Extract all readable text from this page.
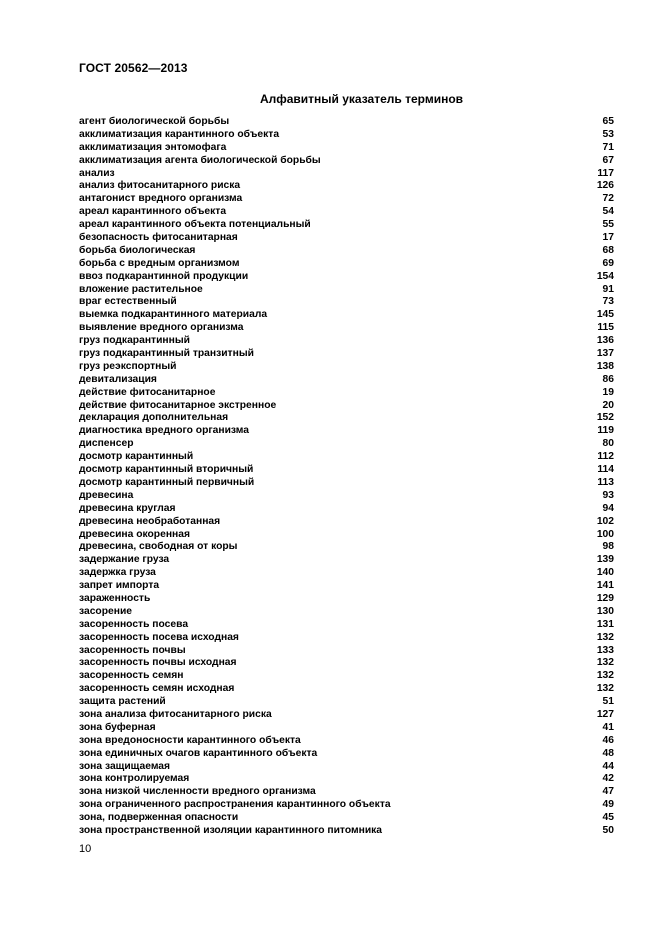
ГОСТ 20562—2013
Алфавитный указатель терминов
агент биологической борьбы	65
акклиматизация карантинного объекта	53
акклиматизация энтомофага	71
акклиматизация агента биологической борьбы	67
анализ	117
анализ фитосанитарного риска	126
антагонист вредного организма	72
ареал карантинного объекта	54
ареал карантинного объекта потенциальный	55
безопасность фитосанитарная	17
борьба биологическая	68
борьба с вредным организмом	69
ввоз подкарантинной продукции	154
вложение растительное	91
враг естественный	73
выемка подкарантинного материала	145
выявление вредного организма	115
груз подкарантинный	136
груз подкарантинный транзитный	137
груз реэкспортный	138
девитализация	86
действие фитосанитарное	19
действие фитосанитарное экстренное	20
декларация дополнительная	152
диагностика вредного организма	119
диспенсер	80
досмотр карантинный	112
досмотр карантинный вторичный	114
досмотр карантинный первичный	113
древесина	93
древесина круглая	94
древесина необработанная	102
древесина окоренная	100
древесина, свободная от коры	98
задержание груза	139
задержка груза	140
запрет импорта	141
зараженность	129
засорение	130
засоренность посева	131
засоренность посева исходная	132
засоренность почвы	133
засоренность почвы исходная	132
засоренность семян	132
засоренность семян исходная	132
защита растений	51
зона анализа фитосанитарного риска	127
зона буферная	41
зона вредоносности карантинного объекта	46
зона единичных очагов карантинного объекта	48
зона защищаемая	44
зона контролируемая	42
зона низкой численности вредного организма	47
зона ограниченного распространения карантинного объекта	49
зона, подверженная опасности	45
зона пространственной изоляции карантинного питомника	50
10
